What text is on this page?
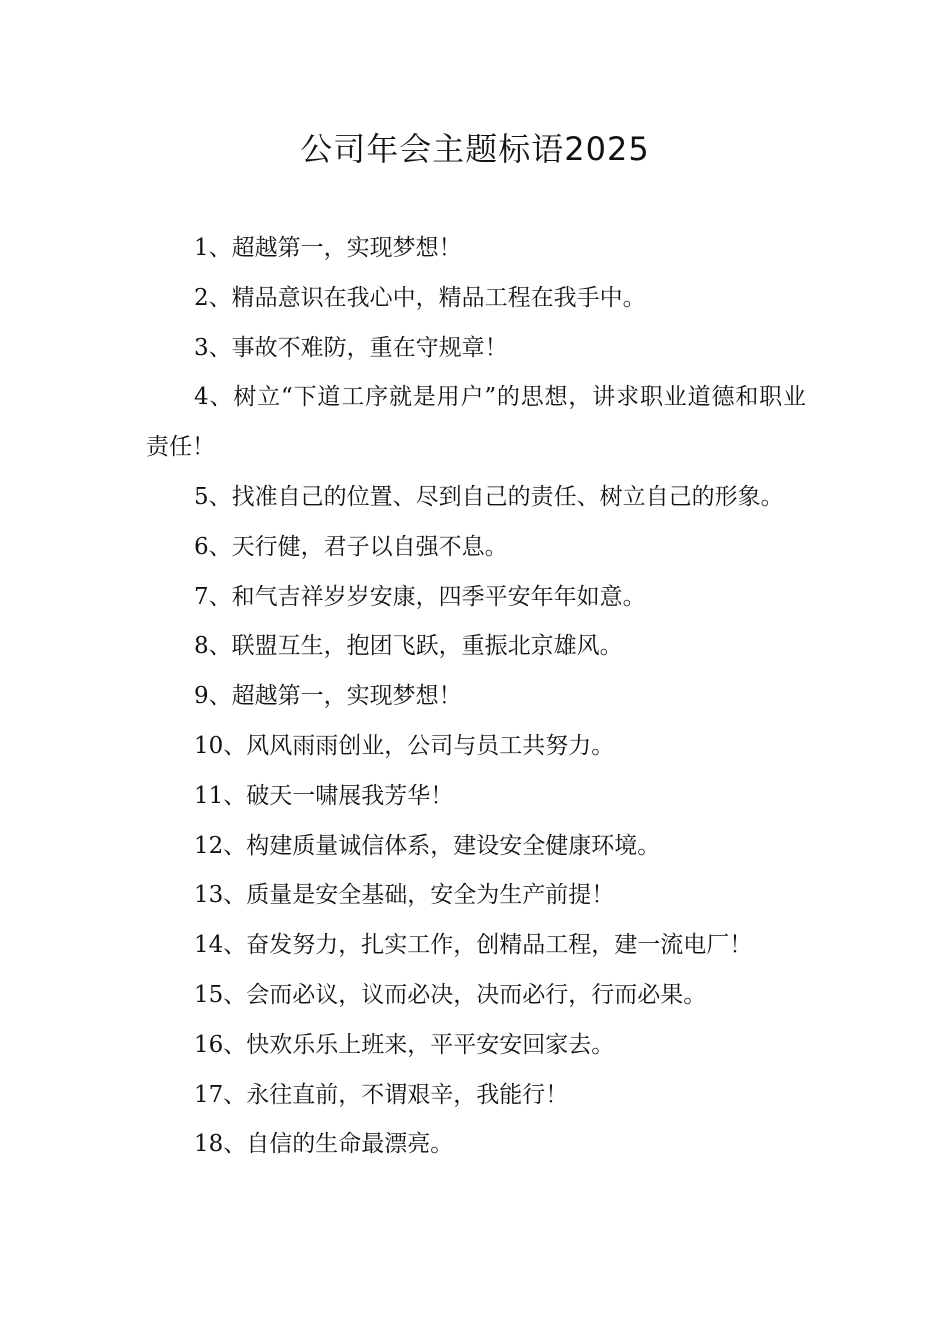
公司年会主题标语2025
1、超越第一，实现梦想！
2、精品意识在我心中，精品工程在我手中。
3、事故不难防，重在守规章！
4、树立“下道工序就是用户”的思想，讲求职业道德和职业责任！
5、找准自己的位置、尽到自己的责任、树立自己的形象。
6、天行健，君子以自强不息。
7、和气吉祥岁岁安康，四季平安年年如意。
8、联盟互生，抱团飞跃，重振北京雄风。
9、超越第一，实现梦想！
10、风风雨雨创业，公司与员工共努力。
11、破天一啸展我芳华！
12、构建质量诚信体系，建设安全健康环境。
13、质量是安全基础，安全为生产前提！
14、奋发努力，扎实工作，创精品工程，建一流电厂！
15、会而必议，议而必决，决而必行，行而必果。
16、快欢乐乐上班来，平平安安回家去。
17、永往直前，不谓艰辛，我能行！
18、自信的生命最漂亮。
